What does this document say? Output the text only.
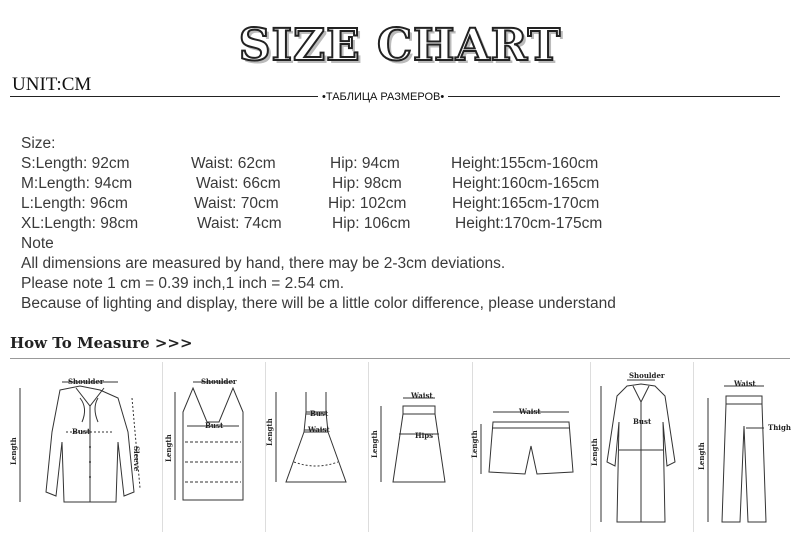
SIZE CHART
UNIT:CM
•ТАБЛИЦА РАЗМЕРОВ•
Size:
S:Length: 92cm	Waist: 62cm	Hip: 94cm	Height:155cm-160cm
M:Length: 94cm	Waist: 66cm	Hip: 98cm	Height:160cm-165cm
L:Length: 96cm	Waist: 70cm	Hip: 102cm	Height:165cm-170cm
XL:Length: 98cm	Waist: 74cm	Hip: 106cm	Height:170cm-175cm
Note
All dimensions are measured by hand, there may be 2-3cm deviations.
Please note 1 cm = 0.39 inch,1 inch = 2.54 cm.
Because of lighting and display, there will be a little color difference, please understand
How To Measure >>>
Shoulder
Bust
Length	Sleeve
Shoulder
Bust
Length
Bust
Waist
Length
Waist
Hips
Length
Waist
Length
Shoulder
Bust
Length
Waist
Thigh
Length
